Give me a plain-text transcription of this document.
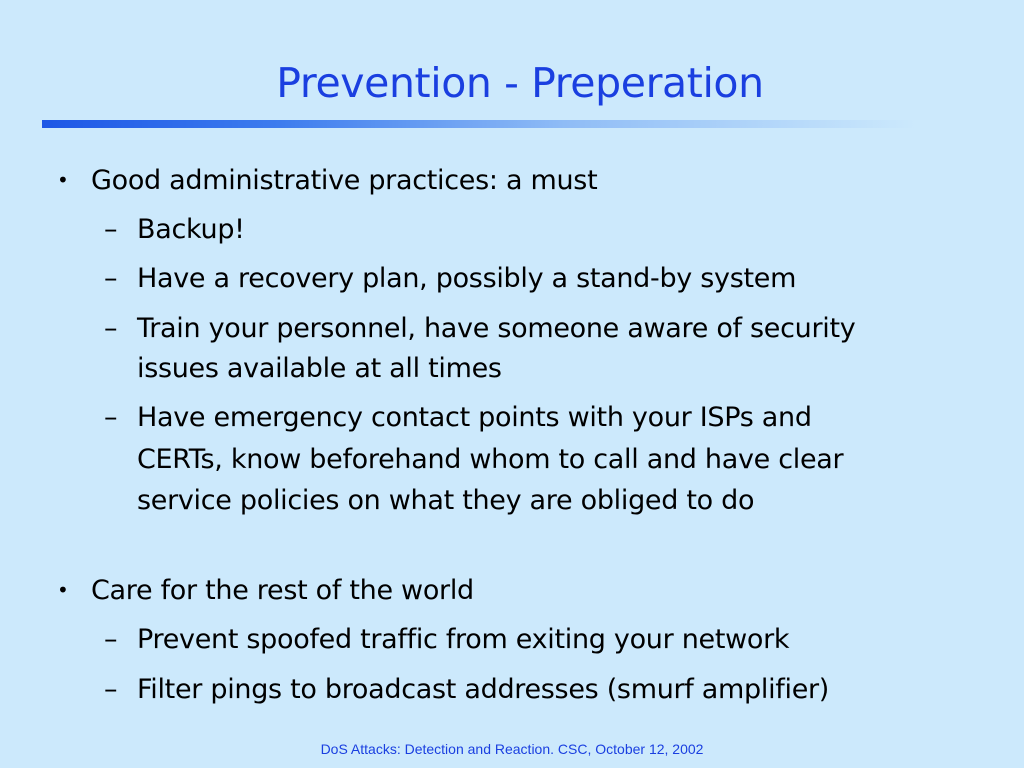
Prevention - Preperation
• Good administrative practices: a must
– Backup!
– Have a recovery plan, possibly a stand-by system
– Train your personnel, have someone aware of security
issues available at all times
– Have emergency contact points with your ISPs and
CERTs, know beforehand whom to call and have clear
service policies on what they are obliged to do
• Care for the rest of the world
– Prevent spoofed traffic from exiting your network
– Filter pings to broadcast addresses (smurf amplifier)
DoS Attacks: Detection and Reaction. CSC, October 12, 2002
